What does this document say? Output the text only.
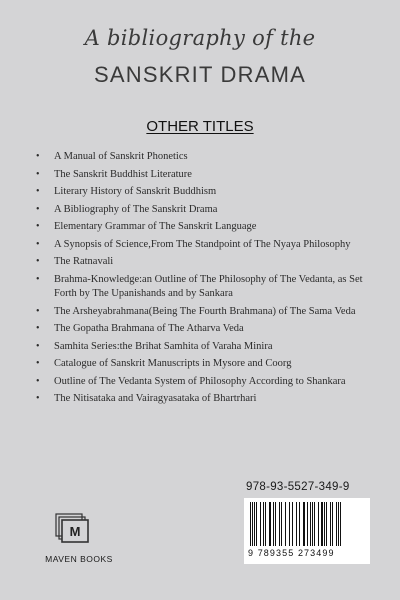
A bibliography of the
SANSKRIT DRAMA
OTHER TITLES
• A Manual of Sanskrit Phonetics
• The Sanskrit Buddhist Literature
• Literary History of Sanskrit Buddhism
• A Bibliography of The Sanskrit Drama
• Elementary Grammar of The Sanskrit Language
• A Synopsis of Science,From The Standpoint of The Nyaya Philosophy
• The Ratnavali
• Brahma-Knowledge:an Outline of The Philosophy of The Vedanta, as Set Forth by The Upanishands and by Sankara
• The Arsheyabrahmana(Being The Fourth Brahmana) of The Sama Veda
• The Gopatha Brahmana of The Atharva Veda
• Samhita Series:the Brihat Samhita of Varaha Minira
• Catalogue of Sanskrit Manuscripts in Mysore and Coorg
• Outline of The Vedanta System of Philosophy According to Shankara
• The Nitisataka and Vairagyasataka of Bhartrhari
978-93-5527-349-9
9 789355 273499
M
MAVEN BOOKS
